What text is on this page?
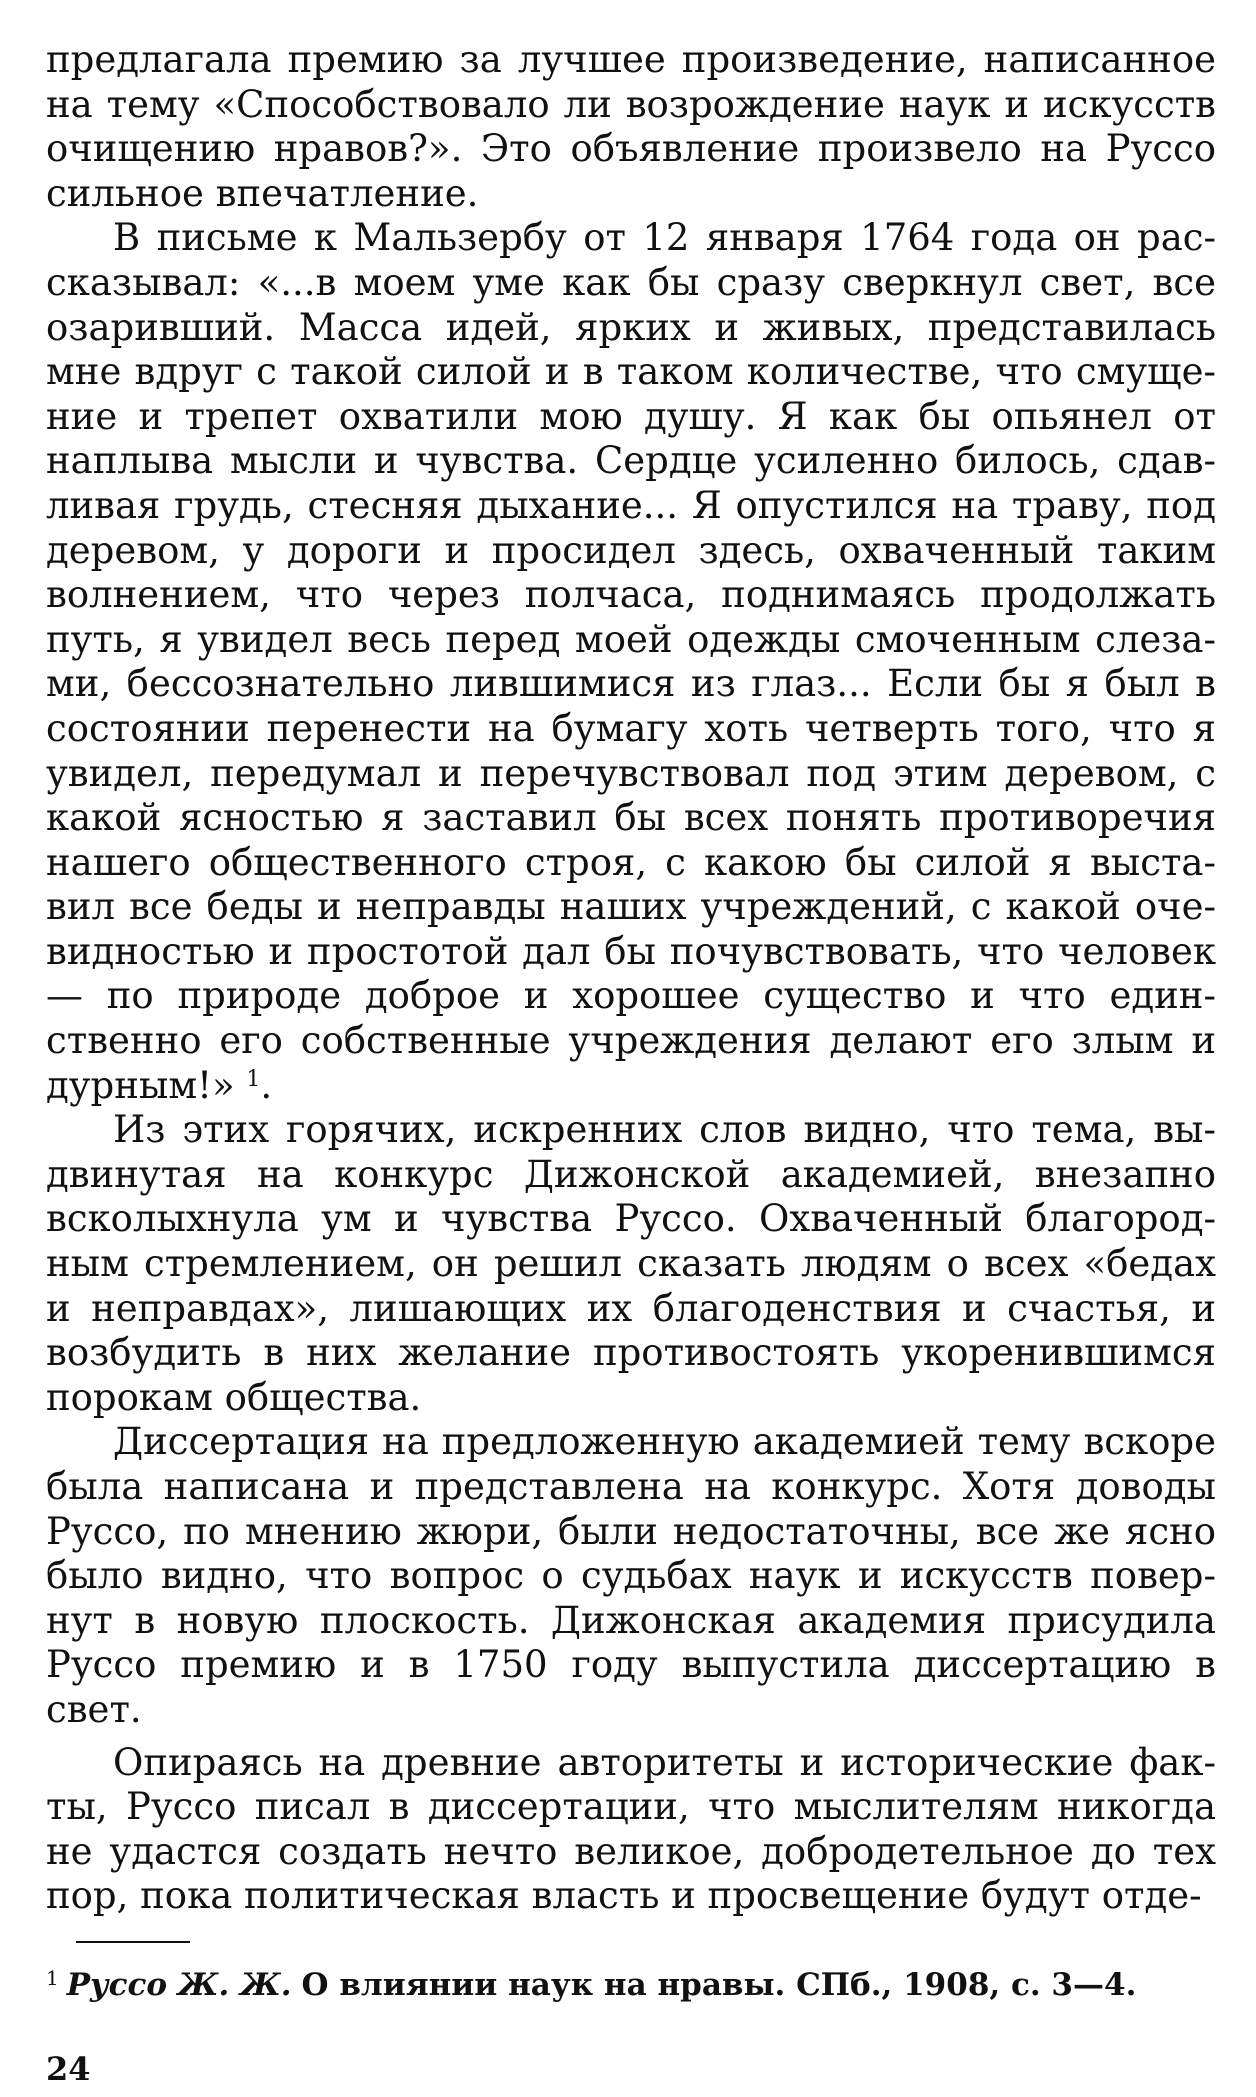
предлагала премию за лучшее произведение, написанное на тему «Способствовало ли возрождение наук и искусств очищению нравов?». Это объявление произвело на Руссо сильное впечатление.

В письме к Мальзербу от 12 января 1764 года он рассказывал: «...в моем уме как бы сразу сверкнул свет, все озаривший. Масса идей, ярких и живых, представилась мне вдруг с такой силой и в таком количестве, что смущение и трепет охватили мою душу. Я как бы опьянел от наплыва мысли и чувства. Сердце усиленно билось, сдавливая грудь, стесняя дыхание... Я опустился на траву, под деревом, у дороги и просидел здесь, охваченный таким волнением, что через полчаса, поднимаясь продолжать путь, я увидел весь перед моей одежды смоченным слезами, бессознательно лившимися из глаз... Если бы я был в состоянии перенести на бумагу хоть четверть того, что я увидел, передумал и перечувствовал под этим деревом, с какой ясностью я заставил бы всех понять противоречия нашего общественного строя, с какою бы силой я выставил все беды и неправды наших учреждений, с какой очевидностью и простотой дал бы почувствовать, что человек — по природе доброе и хорошее существо и что единственно его собственные учреждения делают его злым и дурным!» $^1$.

Из этих горячих, искренних слов видно, что тема, выдвинутая на конкурс Дижонской академией, внезапно всколыхнула ум и чувства Руссо. Охваченный благородным стремлением, он решил сказать людям о всех «бедах и неправдах», лишающих их благоденствия и счастья, и возбудить в них желание противостоять укоренившимся порокам общества.

Диссертация на предложенную академией тему вскоре была написана и представлена на конкурс. Хотя доводы Руссо, по мнению жюри, были недостаточны, все же ясно было видно, что вопрос о судьбах наук и искусств повернут в новую плоскость. Дижонская академия присудила Руссо премию и в 1750 году выпустила диссертацию в свет.

Опираясь на древние авторитеты и исторические факты, Руссо писал в диссертации, что мыслителям никогда не удастся создать нечто великое, добродетельное до тех пор, пока политическая власть и просвещение будут отде-

$^1$ Руссо Ж. Ж. О влиянии наук на нравы. СПб., 1908, с. 3—4.

24
